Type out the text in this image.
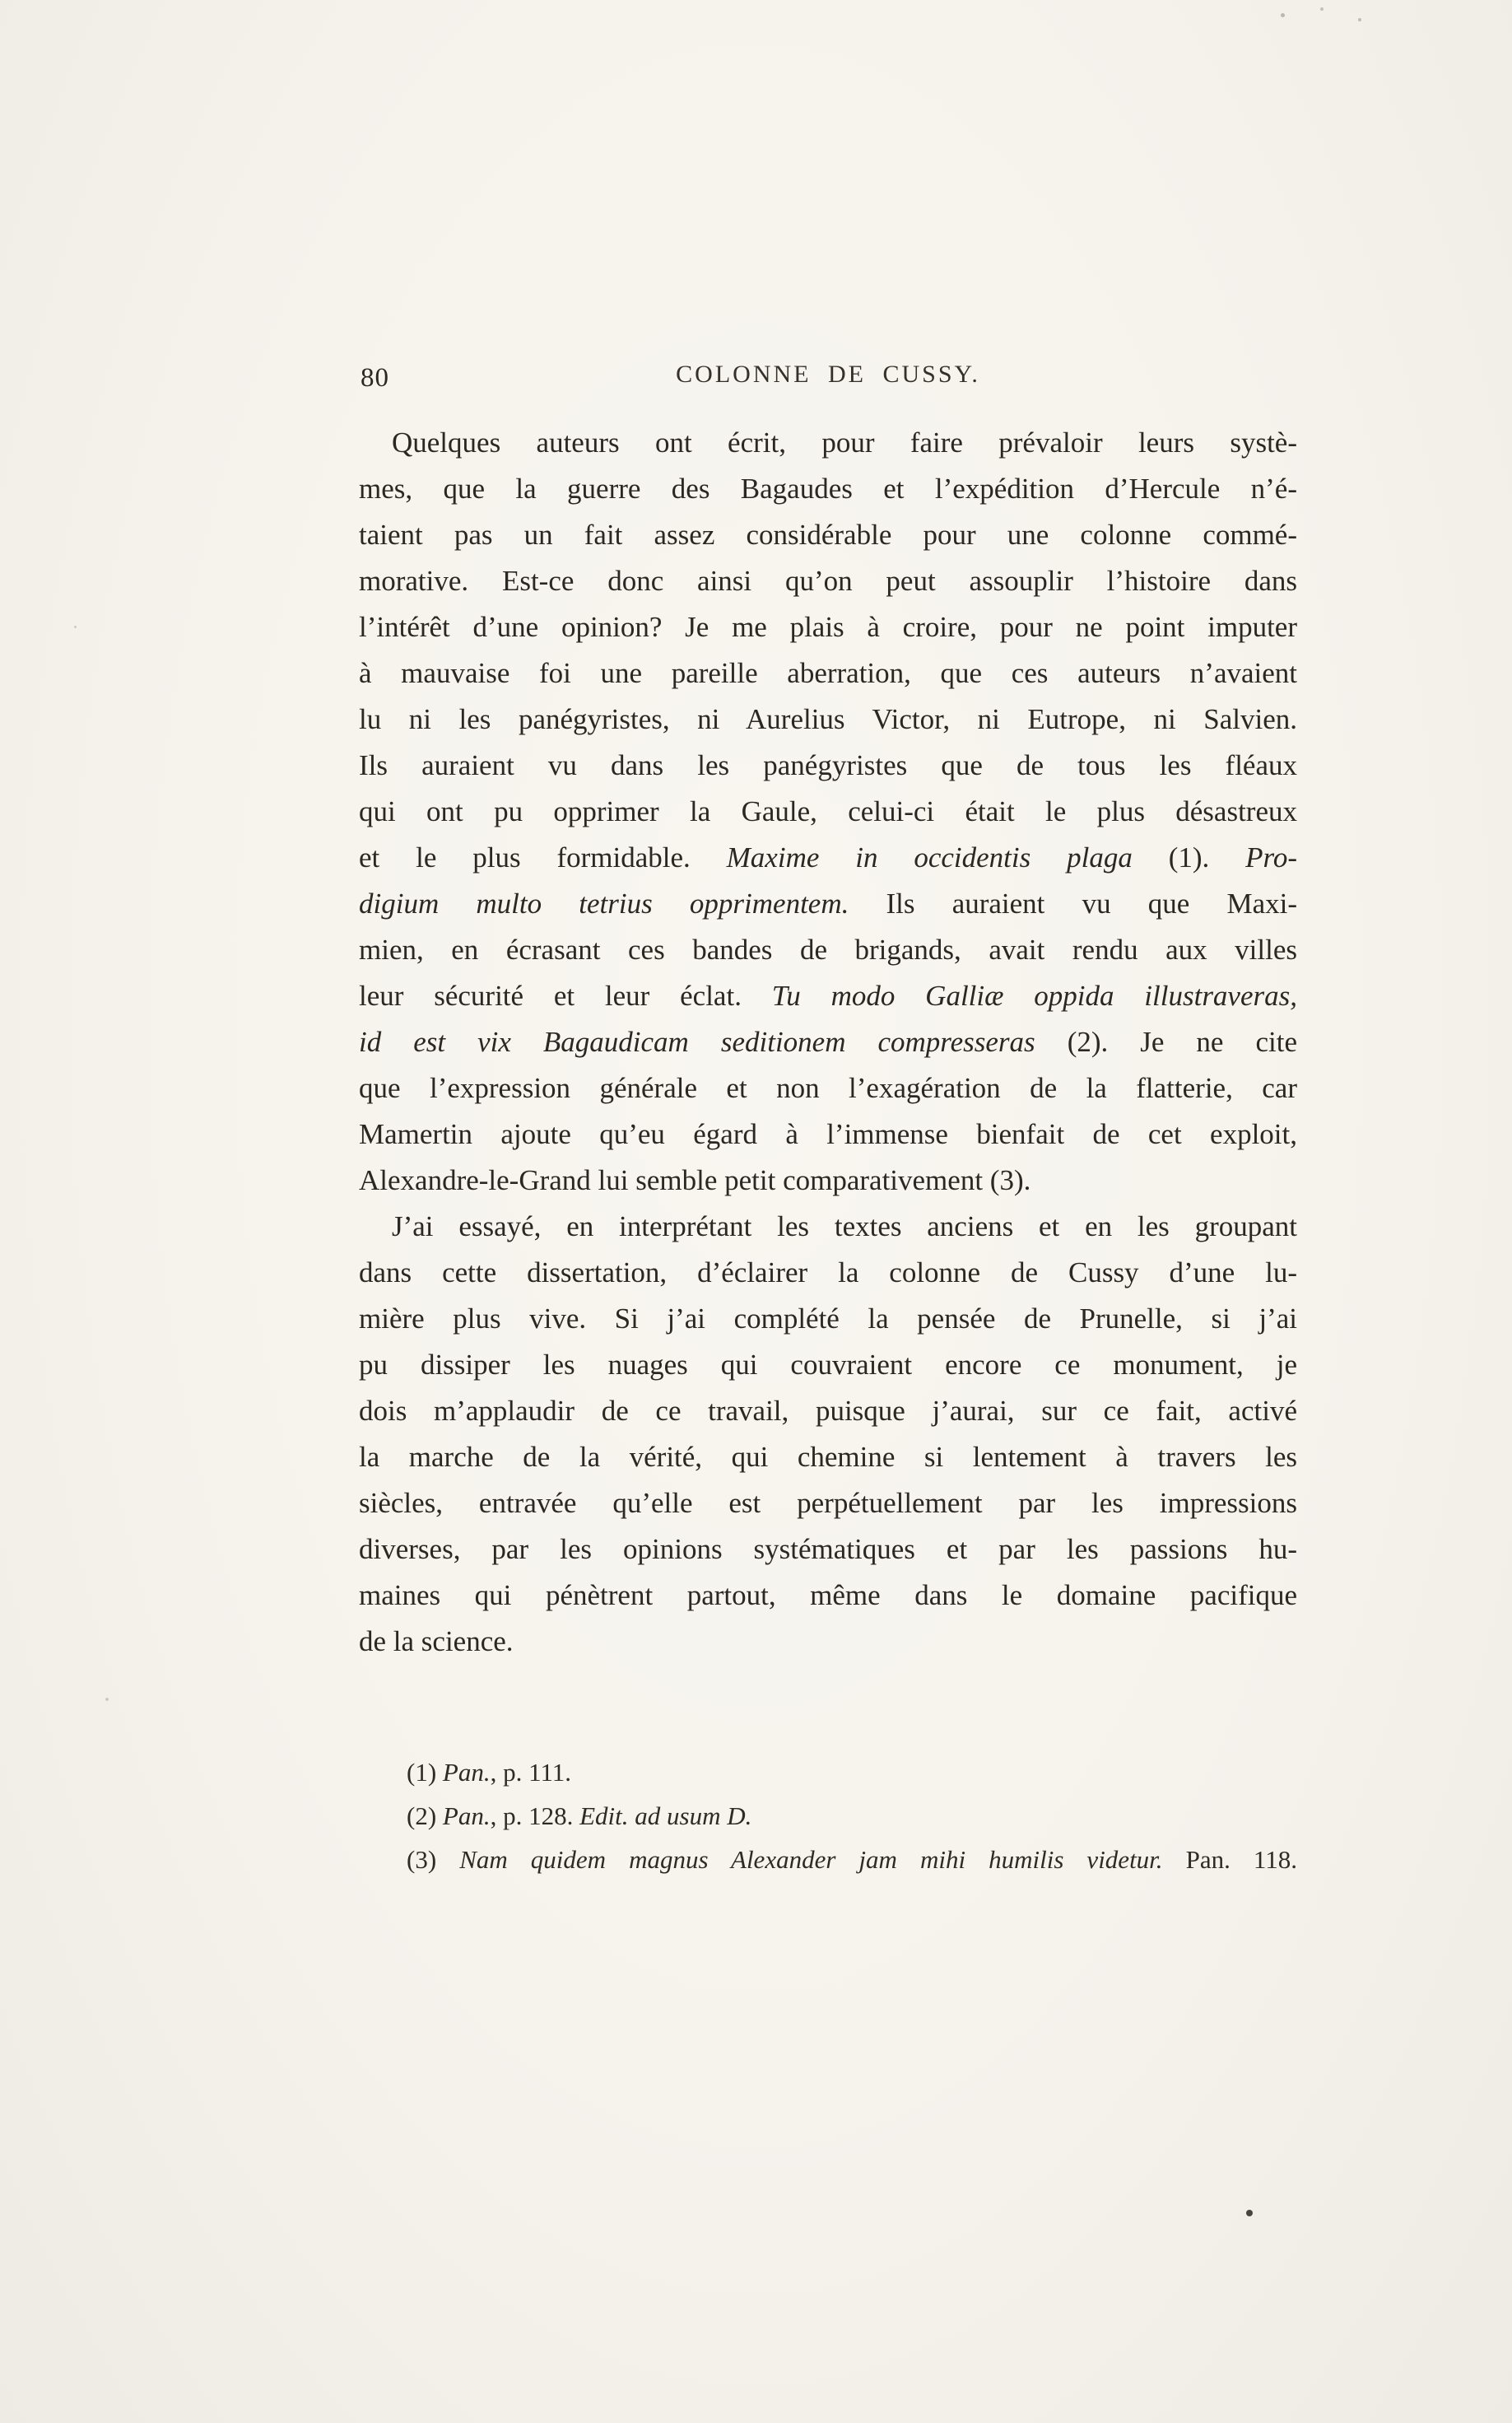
80	COLONNE DE CUSSY.
Quelques auteurs ont écrit, pour faire prévaloir leurs systè-
mes, que la guerre des Bagaudes et l’expédition d’Hercule n’é-
taient pas un fait assez considérable pour une colonne commé-
morative. Est-ce donc ainsi qu’on peut assouplir l’histoire dans
l’intérêt d’une opinion? Je me plais à croire, pour ne point imputer
à mauvaise foi une pareille aberration, que ces auteurs n’avaient
lu ni les panégyristes, ni Aurelius Victor, ni Eutrope, ni Salvien.
Ils auraient vu dans les panégyristes que de tous les fléaux
qui ont pu opprimer la Gaule, celui-ci était le plus désastreux
et le plus formidable. Maxime in occidentis plaga (1). Pro-
digium multo tetrius opprimentem. Ils auraient vu que Maxi-
mien, en écrasant ces bandes de brigands, avait rendu aux villes
leur sécurité et leur éclat. Tu modo Galliæ oppida illustraveras,
id est vix Bagaudicam seditionem compresseras (2). Je ne cite
que l’expression générale et non l’exagération de la flatterie, car
Mamertin ajoute qu’eu égard à l’immense bienfait de cet exploit,
Alexandre-le-Grand lui semble petit comparativement (3).
J’ai essayé, en interprétant les textes anciens et en les groupant
dans cette dissertation, d’éclairer la colonne de Cussy d’une lu-
mière plus vive. Si j’ai complété la pensée de Prunelle, si j’ai
pu dissiper les nuages qui couvraient encore ce monument, je
dois m’applaudir de ce travail, puisque j’aurai, sur ce fait, activé
la marche de la vérité, qui chemine si lentement à travers les
siècles, entravée qu’elle est perpétuellement par les impressions
diverses, par les opinions systématiques et par les passions hu-
maines qui pénètrent partout, même dans le domaine pacifique
de la science.
(1) Pan., p. 111.
(2) Pan., p. 128. Edit. ad usum D.
(3) Nam quidem magnus Alexander jam mihi humilis videtur. Pan. 118.
